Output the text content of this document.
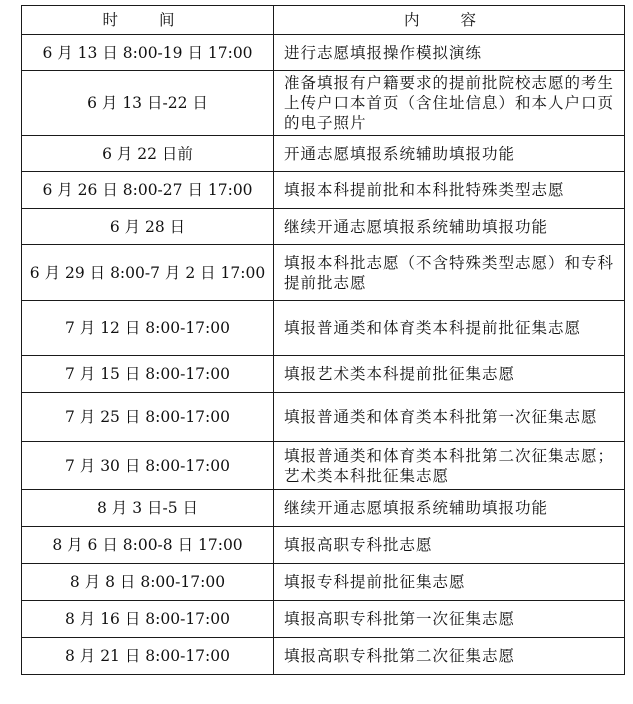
时 间	内 容
6 月 13 日 8:00-19 日 17:00	进行志愿填报操作模拟演练
6 月 13 日-22 日	准备填报有户籍要求的提前批院校志愿的考生上传户口本首页（含住址信息）和本人户口页的电子照片
6 月 22 日前	开通志愿填报系统辅助填报功能
6 月 26 日 8:00-27 日 17:00	填报本科提前批和本科批特殊类型志愿
6 月 28 日	继续开通志愿填报系统辅助填报功能
6 月 29 日 8:00-7 月 2 日 17:00	填报本科批志愿（不含特殊类型志愿）和专科提前批志愿
7 月 12 日 8:00-17:00	填报普通类和体育类本科提前批征集志愿
7 月 15 日 8:00-17:00	填报艺术类本科提前批征集志愿
7 月 25 日 8:00-17:00	填报普通类和体育类本科批第一次征集志愿
7 月 30 日 8:00-17:00	填报普通类和体育类本科批第二次征集志愿；艺术类本科批征集志愿
8 月 3 日-5 日	继续开通志愿填报系统辅助填报功能
8 月 6 日 8:00-8 日 17:00	填报高职专科批志愿
8 月 8 日 8:00-17:00	填报专科提前批征集志愿
8 月 16 日 8:00-17:00	填报高职专科批第一次征集志愿
8 月 21 日 8:00-17:00	填报高职专科批第二次征集志愿
